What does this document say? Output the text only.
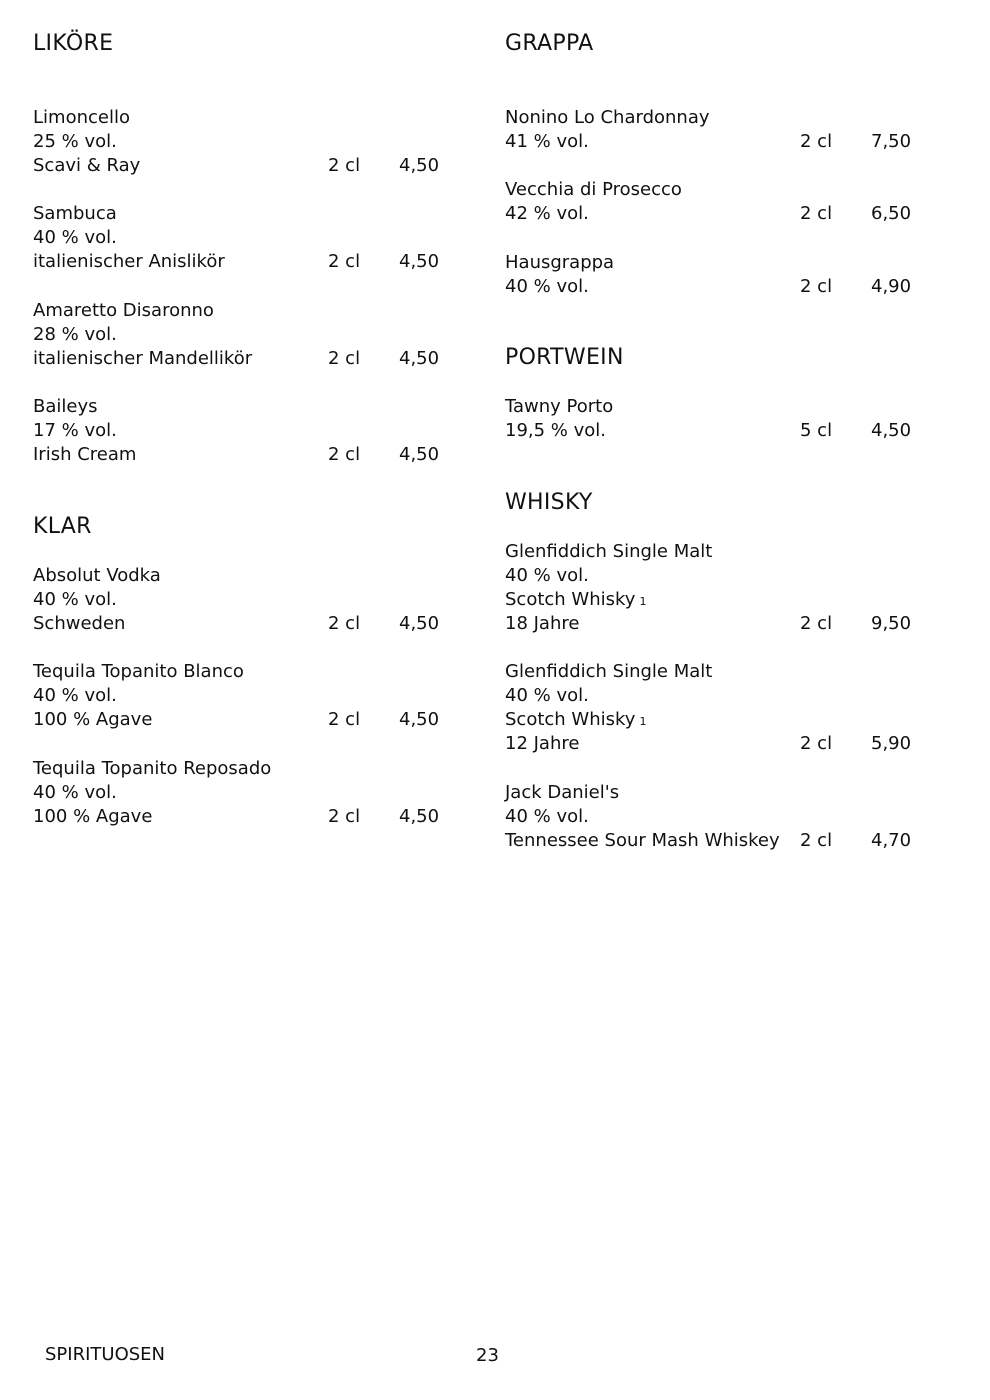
LIKÖRE
Limoncello
25 % vol.
Scavi & Ray	2 cl 4,50
Sambuca
40 % vol.
italienischer Anislikör	2 cl 4,50
Amaretto Disaronno
28 % vol.
italienischer Mandellikör	2 cl 4,50
Baileys
17 % vol.
Irish Cream	2 cl 4,50
KLAR
Absolut Vodka
40 % vol.
Schweden	2 cl 4,50
Tequila Topanito Blanco
40 % vol.
100 % Agave	2 cl 4,50
Tequila Topanito Reposado
40 % vol.
100 % Agave	2 cl 4,50
GRAPPA
Nonino Lo Chardonnay
41 % vol.	2 cl 7,50
Vecchia di Prosecco
42 % vol.	2 cl 6,50
Hausgrappa
40 % vol.	2 cl 4,90
PORTWEIN
Tawny Porto
19,5 % vol.	5 cl 4,50
WHISKY
Glenfiddich Single Malt
40 % vol.
Scotch Whisky 1
18 Jahre	2 cl 9,50
Glenfiddich Single Malt
40 % vol.
Scotch Whisky 1
12 Jahre	2 cl 5,90
Jack Daniel's
40 % vol.
Tennessee Sour Mash Whiskey	2 cl 4,70
SPIRITUOSEN	23
